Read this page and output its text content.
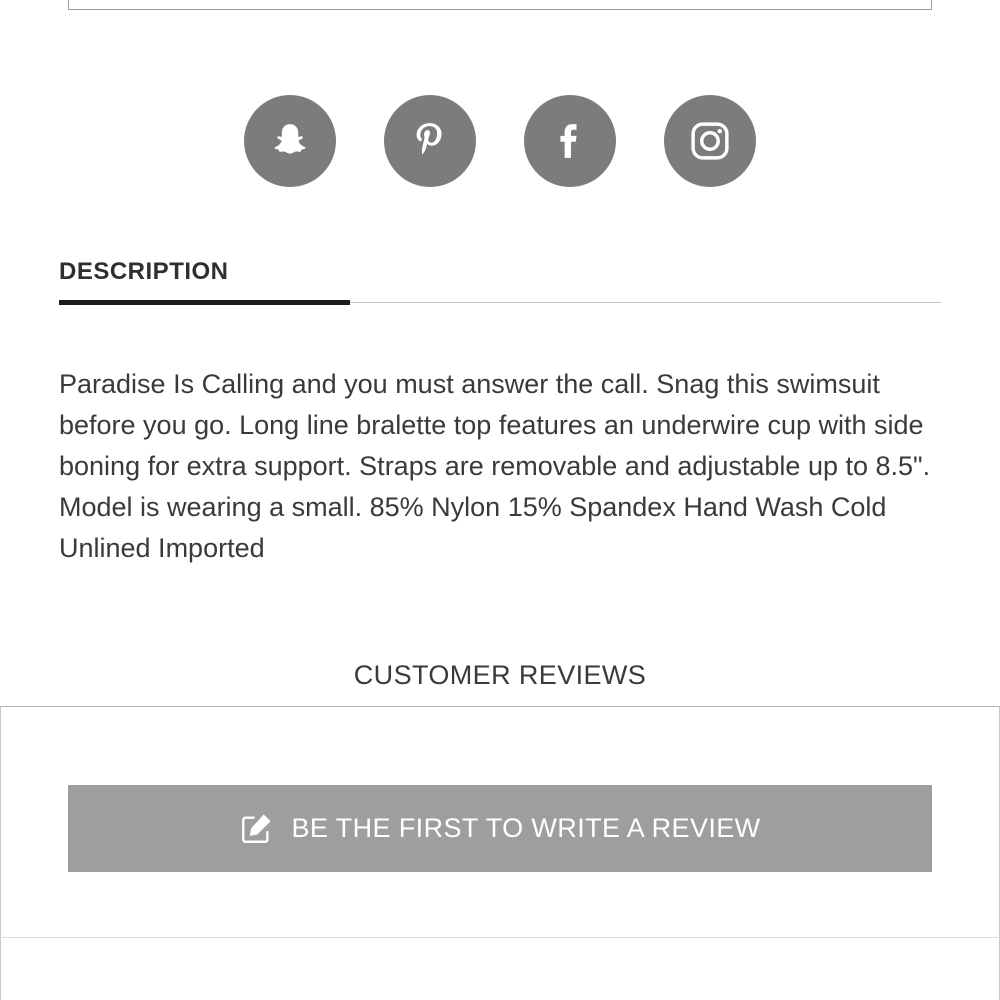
DESCRIPTION
Paradise Is Calling and you must answer the call. Snag this swimsuit before you go. Long line bralette top features an underwire cup with side boning for extra support. Straps are removable and adjustable up to 8.5". Model is wearing a small. 85% Nylon 15% Spandex Hand Wash Cold Unlined Imported
CUSTOMER REVIEWS
BE THE FIRST TO WRITE A REVIEW
